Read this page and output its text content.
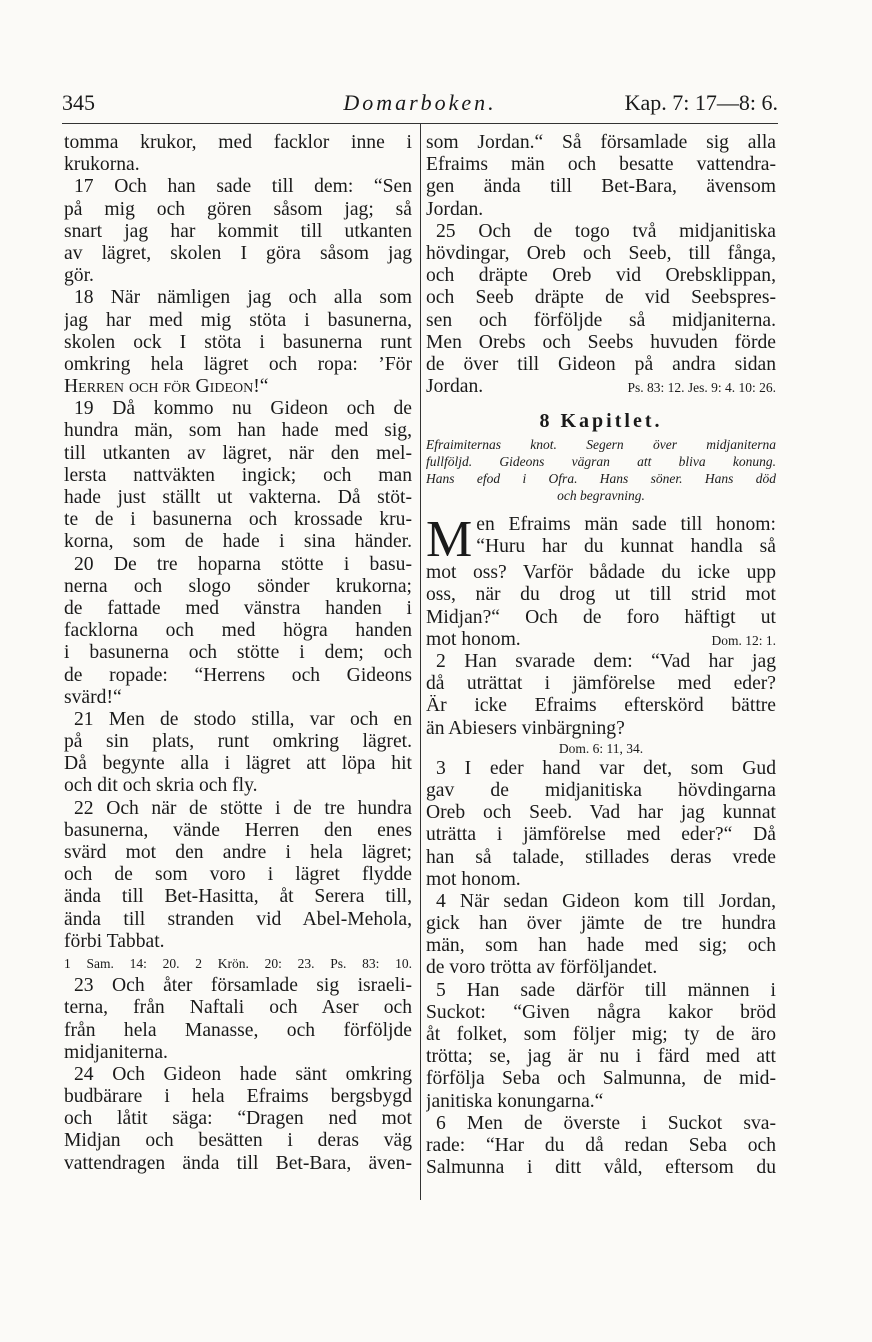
345	Domarboken.	Kap. 7: 17—8: 6.
tomma krukor, med facklor inne i
krukorna.
17 Och han sade till dem: “Sen
på mig och gören såsom jag; så
snart jag har kommit till utkanten
av lägret, skolen I göra såsom jag
gör.
18 När nämligen jag och alla som
jag har med mig stöta i basunerna,
skolen ock I stöta i basunerna runt
omkring hela lägret och ropa: ’För
Herren och för Gideon!“
19 Då kommo nu Gideon och de
hundra män, som han hade med sig,
till utkanten av lägret, när den mel-
lersta nattväkten ingick; och man
hade just ställt ut vakterna. Då stöt-
te de i basunerna och krossade kru-
korna, som de hade i sina händer.
20 De tre hoparna stötte i basu-
nerna och slogo sönder krukorna;
de fattade med vänstra handen i
facklorna och med högra handen
i basunerna och stötte i dem; och
de ropade: “Herrens och Gideons
svärd!“
21 Men de stodo stilla, var och en
på sin plats, runt omkring lägret.
Då begynte alla i lägret att löpa hit
och dit och skria och fly.
22 Och när de stötte i de tre hundra
basunerna, vände Herren den enes
svärd mot den andre i hela lägret;
och de som voro i lägret flydde
ända till Bet-Hasitta, åt Serera till,
ända till stranden vid Abel-Mehola,
förbi Tabbat.
1 Sam. 14: 20. 2 Krön. 20: 23. Ps. 83: 10.
23 Och åter församlade sig israeli-
terna, från Naftali och Aser och
från hela Manasse, och förföljde
midjaniterna.
24 Och Gideon hade sänt omkring
budbärare i hela Efraims bergsbygd
och låtit säga: “Dragen ned mot
Midjan och besätten i deras väg
vattendragen ända till Bet-Bara, även-
som Jordan.“ Så församlade sig alla
Efraims män och besatte vattendra-
gen ända till Bet-Bara, ävensom
Jordan.
25 Och de togo två midjanitiska
hövdingar, Oreb och Seeb, till fånga,
och dräpte Oreb vid Orebsklippan,
och Seeb dräpte de vid Seebspres-
sen och förföljde så midjaniterna.
Men Orebs och Seebs huvuden förde
de över till Gideon på andra sidan
Jordan.	Ps. 83: 12. Jes. 9: 4. 10: 26.
8 Kapitlet.
Efraimiternas knot. Segern över midjaniterna
fullföljd. Gideons vägran att bliva konung.
Hans efod i Ofra. Hans söner. Hans död
och begravning.
M en Efraims män sade till honom:
“Huru har du kunnat handla så
mot oss? Varför bådade du icke upp
oss, när du drog ut till strid mot
Midjan?“ Och de foro häftigt ut
mot honom.	Dom. 12: 1.
2 Han svarade dem: “Vad har jag
då uträttat i jämförelse med eder?
Är icke Efraims efterskörd bättre
än Abiesers vinbärgning?
Dom. 6: 11, 34.
3 I eder hand var det, som Gud
gav de midjanitiska hövdingarna
Oreb och Seeb. Vad har jag kunnat
uträtta i jämförelse med eder?“ Då
han så talade, stillades deras vrede
mot honom.
4 När sedan Gideon kom till Jordan,
gick han över jämte de tre hundra
män, som han hade med sig; och
de voro trötta av förföljandet.
5 Han sade därför till männen i
Suckot: “Given några kakor bröd
åt folket, som följer mig; ty de äro
trötta; se, jag är nu i färd med att
förfölja Seba och Salmunna, de mid-
janitiska konungarna.“
6 Men de överste i Suckot sva-
rade: “Har du då redan Seba och
Salmunna i ditt våld, eftersom du
